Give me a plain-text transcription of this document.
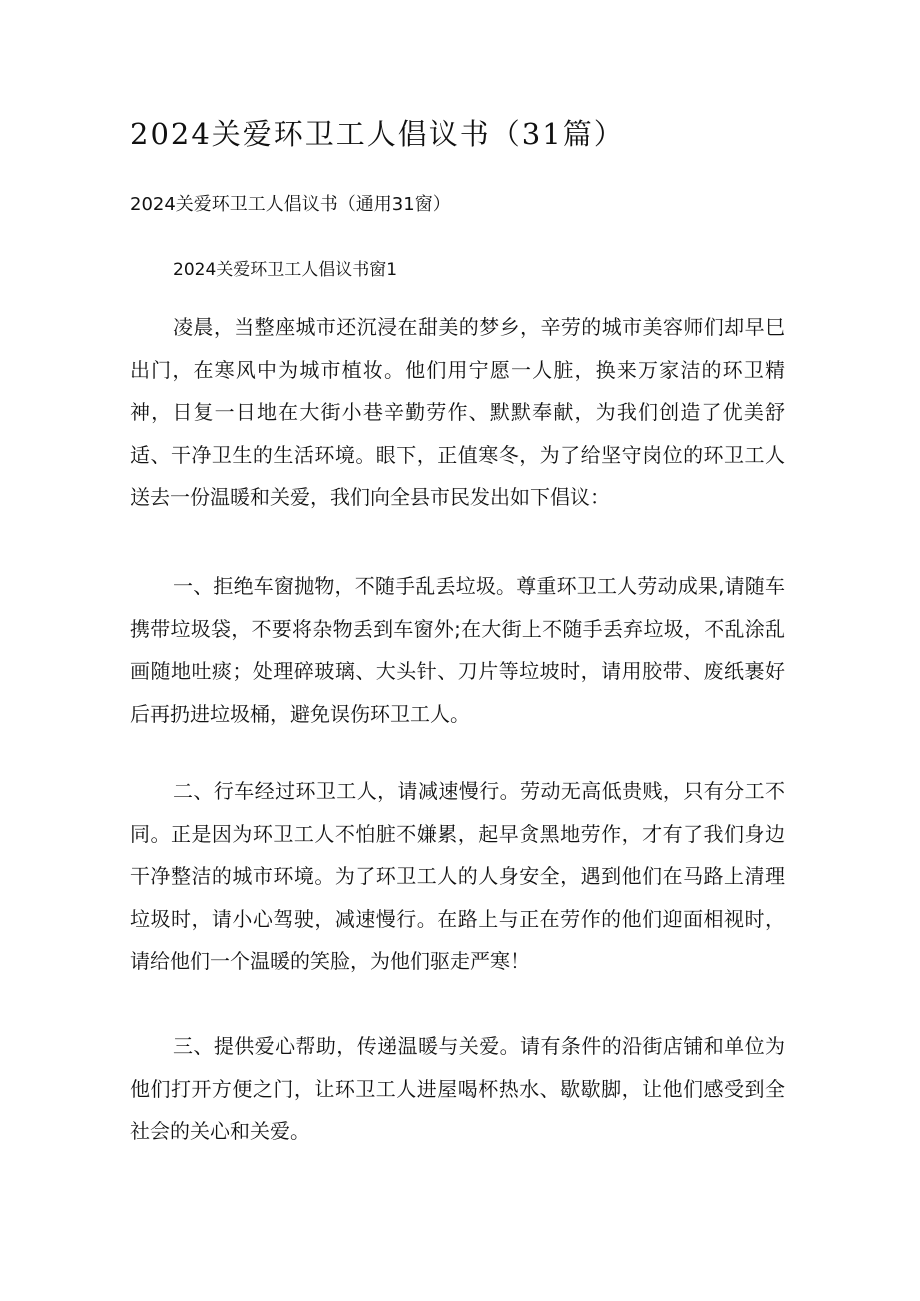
2024关爱环卫工人倡议书（31篇）

2024关爱环卫工人倡议书（通用31窗）

2024关爱环卫工人倡议书窗1

凌晨，当整座城市还沉浸在甜美的梦乡，辛劳的城市美容师们却早巳出门，在寒风中为城市植妆。他们用宁愿一人脏，换来万家洁的环卫精神，日复一日地在大街小巷辛勤劳作、默默奉献，为我们创造了优美舒适、干净卫生的生活环境。眼下，正值寒冬，为了给坚守岗位的环卫工人送去一份温暖和关爱，我们向全县市民发出如下倡议：

一、拒绝车窗抛物，不随手乱丢垃圾。尊重环卫工人劳动成果,请随车携带垃圾袋，不要将杂物丢到车窗外;在大街上不随手丢弃垃圾，不乱涂乱画随地吐痰；处理碎玻璃、大头针、刀片等垃坡时，请用胶带、废纸裹好后再扔进垃圾桶，避免误伤环卫工人。

二、行车经过环卫工人，请减速慢行。劳动无高低贵贱，只有分工不同。正是因为环卫工人不怕脏不嫌累，起早贪黑地劳作，才有了我们身边干净整洁的城市环境。为了环卫工人的人身安全，遇到他们在马路上清理垃圾时，请小心驾驶，减速慢行。在路上与正在劳作的他们迎面相视时，请给他们一个温暖的笑脸，为他们驱走严寒！

三、提供爱心帮助，传递温暖与关爱。请有条件的沿街店铺和单位为他们打开方便之门，让环卫工人进屋喝杯热水、歇歇脚，让他们感受到全社会的关心和关爱。
